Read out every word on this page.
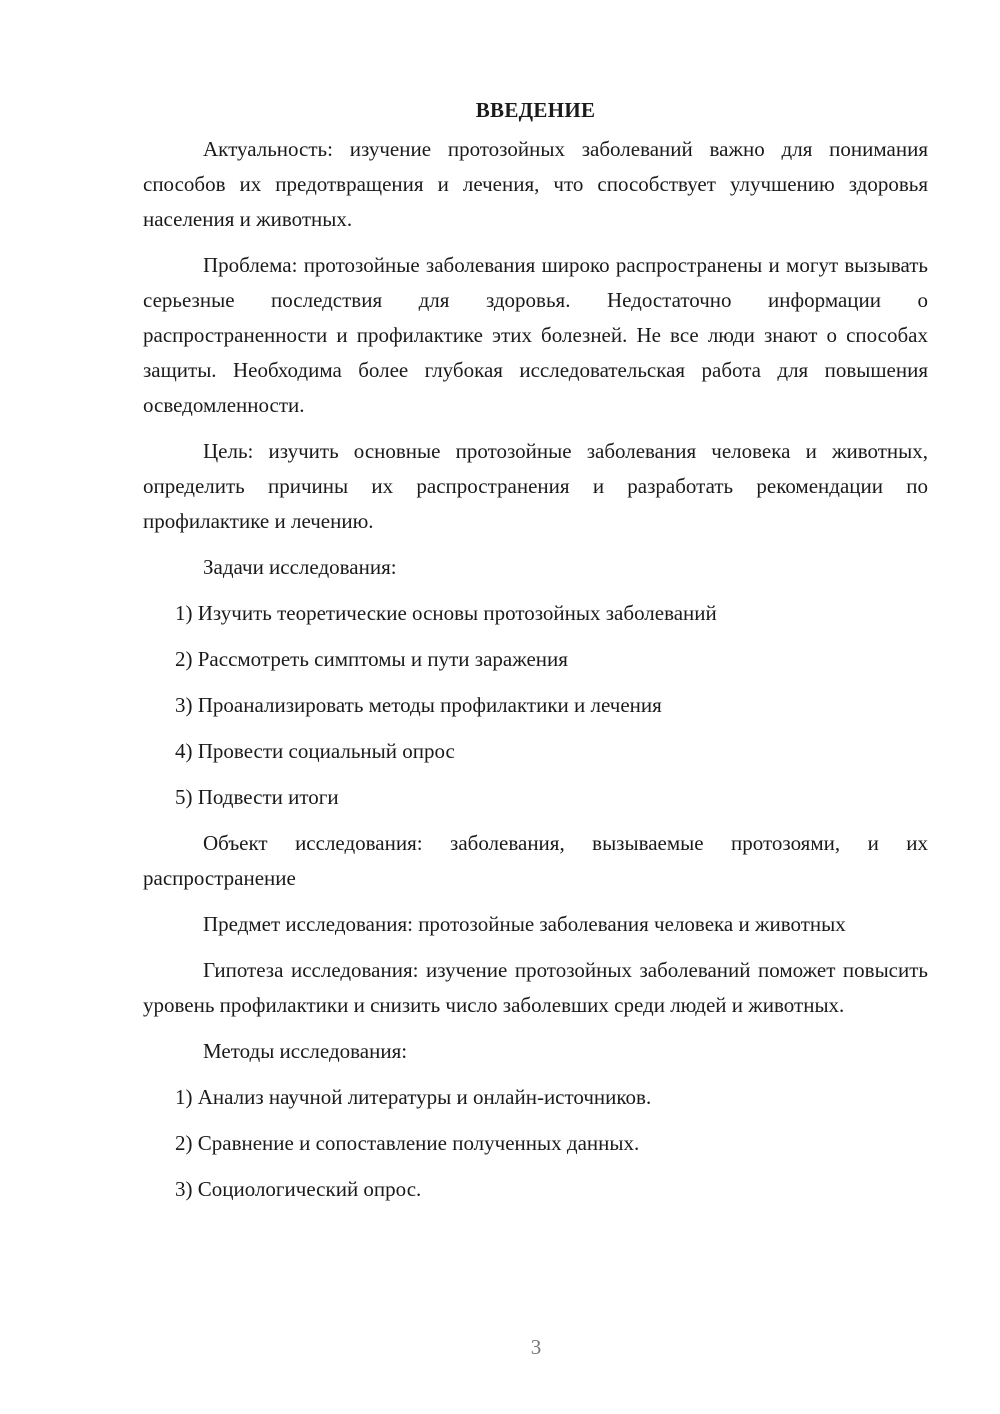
ВВЕДЕНИЕ

Актуальность: изучение протозойных заболеваний важно для понимания способов их предотвращения и лечения, что способствует улучшению здоровья населения и животных.

Проблема: протозойные заболевания широко распространены и могут вызывать серьезные последствия для здоровья. Недостаточно информации о распространенности и профилактике этих болезней. Не все люди знают о способах защиты. Необходима более глубокая исследовательская работа для повышения осведомленности.

Цель: изучить основные протозойные заболевания человека и животных, определить причины их распространения и разработать рекомендации по профилактике и лечению.

Задачи исследования:

1) Изучить теоретические основы протозойных заболеваний

2) Рассмотреть симптомы и пути заражения

3) Проанализировать методы профилактики и лечения

4) Провести социальный опрос

5) Подвести итоги

Объект исследования: заболевания, вызываемые протозоями, и их распространение

Предмет исследования: протозойные заболевания человека и животных

Гипотеза исследования: изучение протозойных заболеваний поможет повысить уровень профилактики и снизить число заболевших среди людей и животных.

Методы исследования:

1) Анализ научной литературы и онлайн-источников.

2) Сравнение и сопоставление полученных данных.

3) Социологический опрос.

3
